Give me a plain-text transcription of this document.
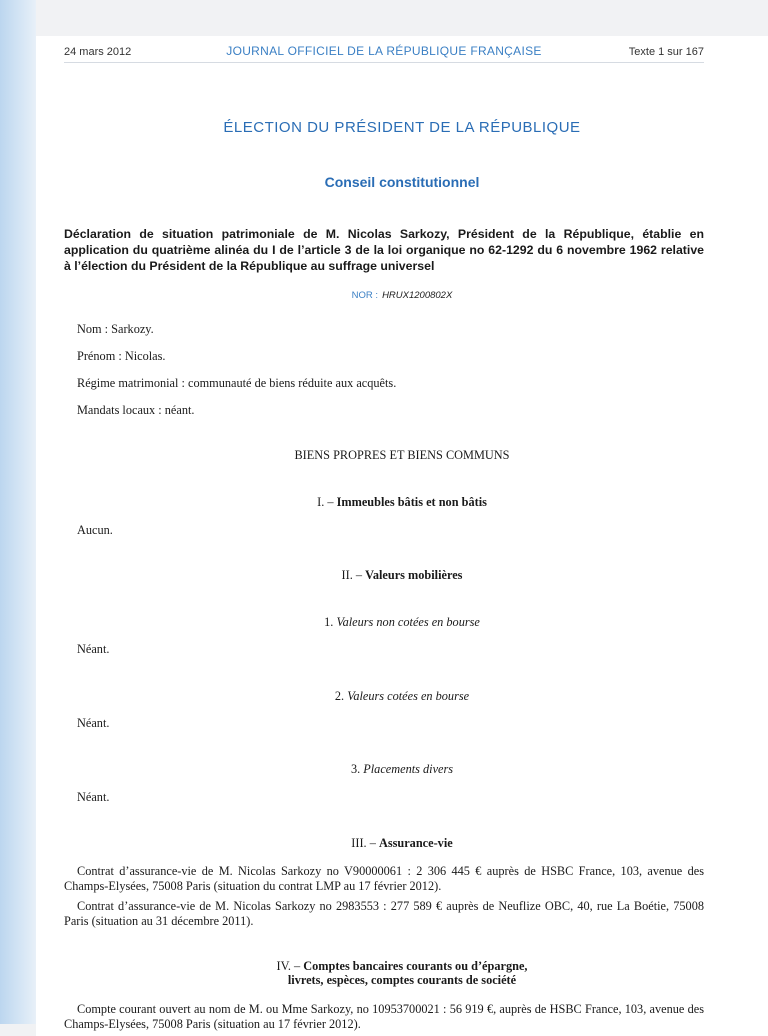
24 mars 2012	JOURNAL OFFICIEL DE LA RÉPUBLIQUE FRANÇAISE	Texte 1 sur 167
ÉLECTION DU PRÉSIDENT DE LA RÉPUBLIQUE
Conseil constitutionnel
Déclaration de situation patrimoniale de M. Nicolas Sarkozy, Président de la République, établie en application du quatrième alinéa du I de l’article 3 de la loi organique no 62-1292 du 6 novembre 1962 relative à l’élection du Président de la République au suffrage universel
NOR : HRUX1200802X
Nom : Sarkozy.
Prénom : Nicolas.
Régime matrimonial : communauté de biens réduite aux acquêts.
Mandats locaux : néant.
BIENS PROPRES ET BIENS COMMUNS
I. – Immeubles bâtis et non bâtis
Aucun.
II. – Valeurs mobilières
1. Valeurs non cotées en bourse
Néant.
2. Valeurs cotées en bourse
Néant.
3. Placements divers
Néant.
III. – Assurance-vie
Contrat d’assurance-vie de M. Nicolas Sarkozy no V90000061 : 2 306 445 € auprès de HSBC France, 103, avenue des Champs-Elysées, 75008 Paris (situation du contrat LMP au 17 février 2012).
Contrat d’assurance-vie de M. Nicolas Sarkozy no 2983553 : 277 589 € auprès de Neuflize OBC, 40, rue La Boétie, 75008 Paris (situation au 31 décembre 2011).
IV. – Comptes bancaires courants ou d’épargne,
livrets, espèces, comptes courants de société
Compte courant ouvert au nom de M. ou Mme Sarkozy, no 10953700021 : 56 919 €, auprès de HSBC France, 103, avenue des Champs-Elysées, 75008 Paris (situation au 17 février 2012).
